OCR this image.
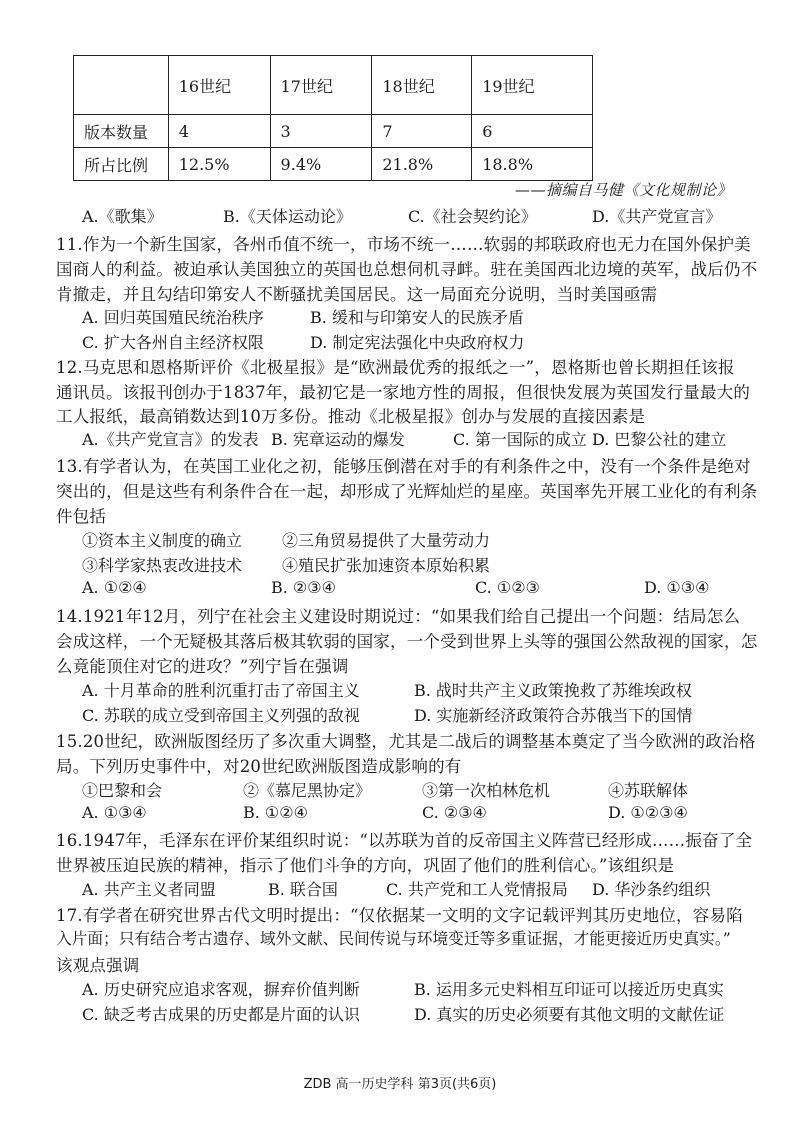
	16世纪	17世纪	18世纪	19世纪
版本数量	4	3	7	6
所占比例	12.5%	9.4%	21.8%	18.8%
——摘编自马健《文化规制论》
A.《歌集》	B.《天体运动论》	C.《社会契约论》	D.《共产党宣言》
11.作为一个新生国家，各州币值不统一，市场不统一……软弱的邦联政府也无力在国外保护美
国商人的利益。被迫承认美国独立的英国也总想伺机寻衅。驻在美国西北边境的英军，战后仍不
肯撤走，并且勾结印第安人不断骚扰美国居民。这一局面充分说明，当时美国亟需
A. 回归英国殖民统治秩序	B. 缓和与印第安人的民族矛盾
C. 扩大各州自主经济权限	D. 制定宪法强化中央政府权力
12.马克思和恩格斯评价《北极星报》是“欧洲最优秀的报纸之一”，恩格斯也曾长期担任该报
通讯员。该报刊创办于1837年，最初它是一家地方性的周报，但很快发展为英国发行量最大的
工人报纸，最高销数达到10万多份。推动《北极星报》创办与发展的直接因素是
A.《共产党宣言》的发表 B. 宪章运动的爆发	C. 第一国际的成立 D. 巴黎公社的建立
13.有学者认为，在英国工业化之初，能够压倒潜在对手的有利条件之中，没有一个条件是绝对
突出的，但是这些有利条件合在一起，却形成了光辉灿烂的星座。英国率先开展工业化的有利条
件包括
①资本主义制度的确立 ②三角贸易提供了大量劳动力
③科学家热衷改进技术 ④殖民扩张加速资本原始积累
A. ①②④	B. ②③④	C. ①②③	D. ①③④
14.1921年12月，列宁在社会主义建设时期说过：“如果我们给自己提出一个问题：结局怎么
会成这样，一个无疑极其落后极其软弱的国家，一个受到世界上头等的强国公然敌视的国家，怎
么竟能顶住对它的进攻？”列宁旨在强调
A. 十月革命的胜利沉重打击了帝国主义	B. 战时共产主义政策挽救了苏维埃政权
C. 苏联的成立受到帝国主义列强的敌视	D. 实施新经济政策符合苏俄当下的国情
15.20世纪，欧洲版图经历了多次重大调整，尤其是二战后的调整基本奠定了当今欧洲的政治格
局。下列历史事件中，对20世纪欧洲版图造成影响的有
①巴黎和会	②《慕尼黑协定》	③第一次柏林危机	④苏联解体
A. ①③④	B. ①②④	C. ②③④	D. ①②③④
16.1947年，毛泽东在评价某组织时说：“以苏联为首的反帝国主义阵营已经形成……振奋了全
世界被压迫民族的精神，指示了他们斗争的方向，巩固了他们的胜利信心。”该组织是
A. 共产主义者同盟	B. 联合国	C. 共产党和工人党情报局 D. 华沙条约组织
17.有学者在研究世界古代文明时提出：“仅依据某一文明的文字记载评判其历史地位，容易陷
入片面；只有结合考古遗存、域外文献、民间传说与环境变迁等多重证据，才能更接近历史真实。”
该观点强调
A. 历史研究应追求客观，摒弃价值判断	B. 运用多元史料相互印证可以接近历史真实
C. 缺乏考古成果的历史都是片面的认识	D. 真实的历史必须要有其他文明的文献佐证
ZDB 高一历史学科 第3页(共6页)
